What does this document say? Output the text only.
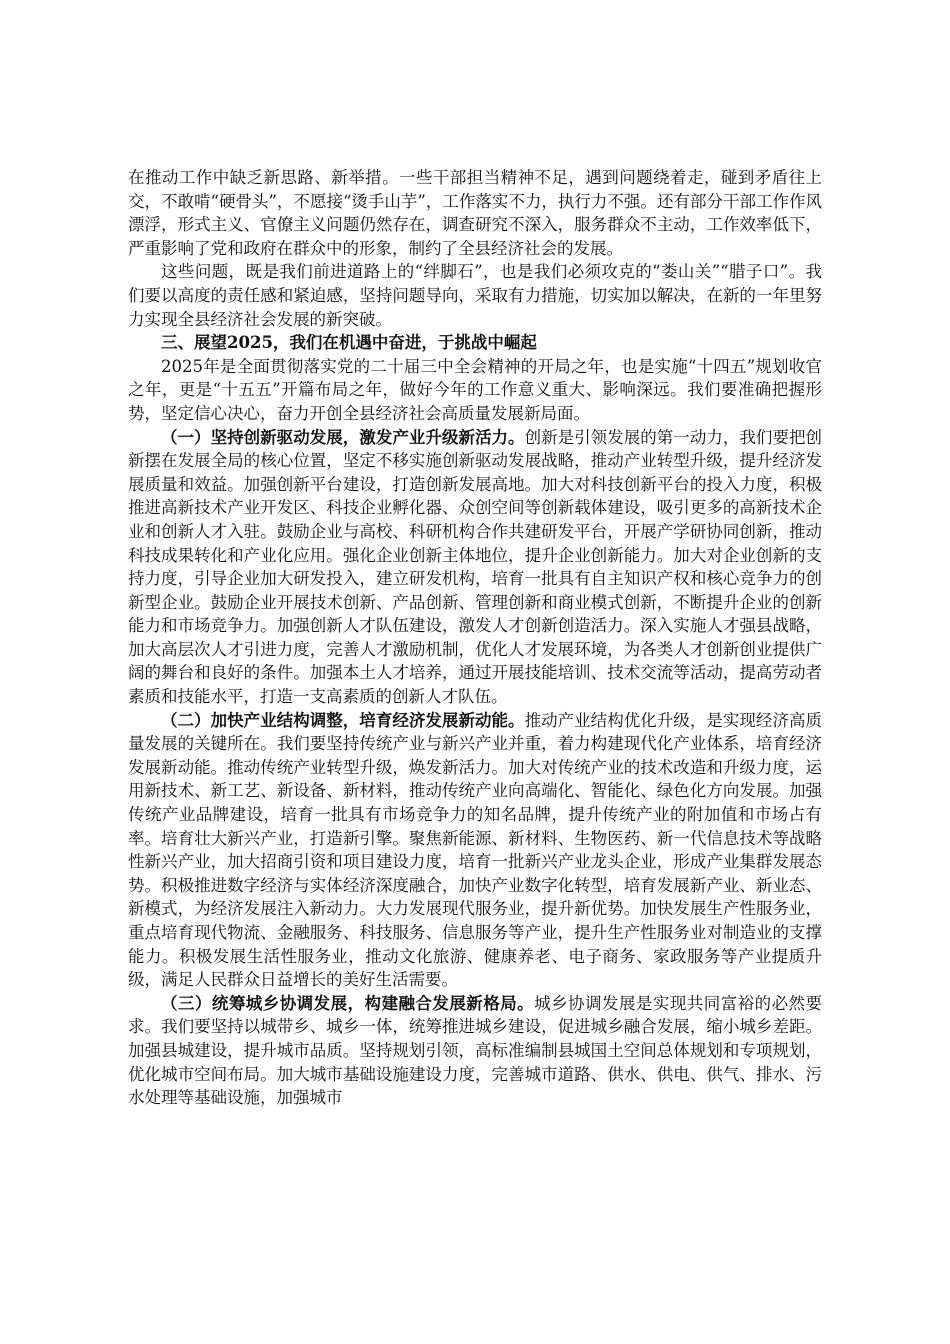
在推动工作中缺乏新思路、新举措。一些干部担当精神不足，遇到问题绕着走，碰到矛盾往上交，不敢啃“硬骨头”，不愿接“烫手山芋”，工作落实不力，执行力不强。还有部分干部工作作风漂浮，形式主义、官僚主义问题仍然存在，调查研究不深入，服务群众不主动，工作效率低下，严重影响了党和政府在群众中的形象，制约了全县经济社会的发展。

这些问题，既是我们前进道路上的“绊脚石”，也是我们必须攻克的“娄山关”“腊子口”。我们要以高度的责任感和紧迫感，坚持问题导向，采取有力措施，切实加以解决，在新的一年里努力实现全县经济社会发展的新突破。

三、展望2025，我们在机遇中奋进，于挑战中崛起

2025年是全面贯彻落实党的二十届三中全会精神的开局之年，也是实施“十四五”规划收官之年，更是“十五五”开篇布局之年，做好今年的工作意义重大、影响深远。我们要准确把握形势，坚定信心决心，奋力开创全县经济社会高质量发展新局面。

（一）坚持创新驱动发展，激发产业升级新活力。创新是引领发展的第一动力，我们要把创新摆在发展全局的核心位置，坚定不移实施创新驱动发展战略，推动产业转型升级，提升经济发展质量和效益。加强创新平台建设，打造创新发展高地。加大对科技创新平台的投入力度，积极推进高新技术产业开发区、科技企业孵化器、众创空间等创新载体建设，吸引更多的高新技术企业和创新人才入驻。鼓励企业与高校、科研机构合作共建研发平台，开展产学研协同创新，推动科技成果转化和产业化应用。强化企业创新主体地位，提升企业创新能力。加大对企业创新的支持力度，引导企业加大研发投入，建立研发机构，培育一批具有自主知识产权和核心竞争力的创新型企业。鼓励企业开展技术创新、产品创新、管理创新和商业模式创新，不断提升企业的创新能力和市场竞争力。加强创新人才队伍建设，激发人才创新创造活力。深入实施人才强县战略，加大高层次人才引进力度，完善人才激励机制，优化人才发展环境，为各类人才创新创业提供广阔的舞台和良好的条件。加强本土人才培养，通过开展技能培训、技术交流等活动，提高劳动者素质和技能水平，打造一支高素质的创新人才队伍。

（二）加快产业结构调整，培育经济发展新动能。推动产业结构优化升级，是实现经济高质量发展的关键所在。我们要坚持传统产业与新兴产业并重，着力构建现代化产业体系，培育经济发展新动能。推动传统产业转型升级，焕发新活力。加大对传统产业的技术改造和升级力度，运用新技术、新工艺、新设备、新材料，推动传统产业向高端化、智能化、绿色化方向发展。加强传统产业品牌建设，培育一批具有市场竞争力的知名品牌，提升传统产业的附加值和市场占有率。培育壮大新兴产业，打造新引擎。聚焦新能源、新材料、生物医药、新一代信息技术等战略性新兴产业，加大招商引资和项目建设力度，培育一批新兴产业龙头企业，形成产业集群发展态势。积极推进数字经济与实体经济深度融合，加快产业数字化转型，培育发展新产业、新业态、新模式，为经济发展注入新动力。大力发展现代服务业，提升新优势。加快发展生产性服务业，重点培育现代物流、金融服务、科技服务、信息服务等产业，提升生产性服务业对制造业的支撑能力。积极发展生活性服务业，推动文化旅游、健康养老、电子商务、家政服务等产业提质升级，满足人民群众日益增长的美好生活需要。

（三）统筹城乡协调发展，构建融合发展新格局。城乡协调发展是实现共同富裕的必然要求。我们要坚持以城带乡、城乡一体，统筹推进城乡建设，促进城乡融合发展，缩小城乡差距。加强县城建设，提升城市品质。坚持规划引领，高标准编制县城国土空间总体规划和专项规划，优化城市空间布局。加大城市基础设施建设力度，完善城市道路、供水、供电、供气、排水、污水处理等基础设施，加强城市
